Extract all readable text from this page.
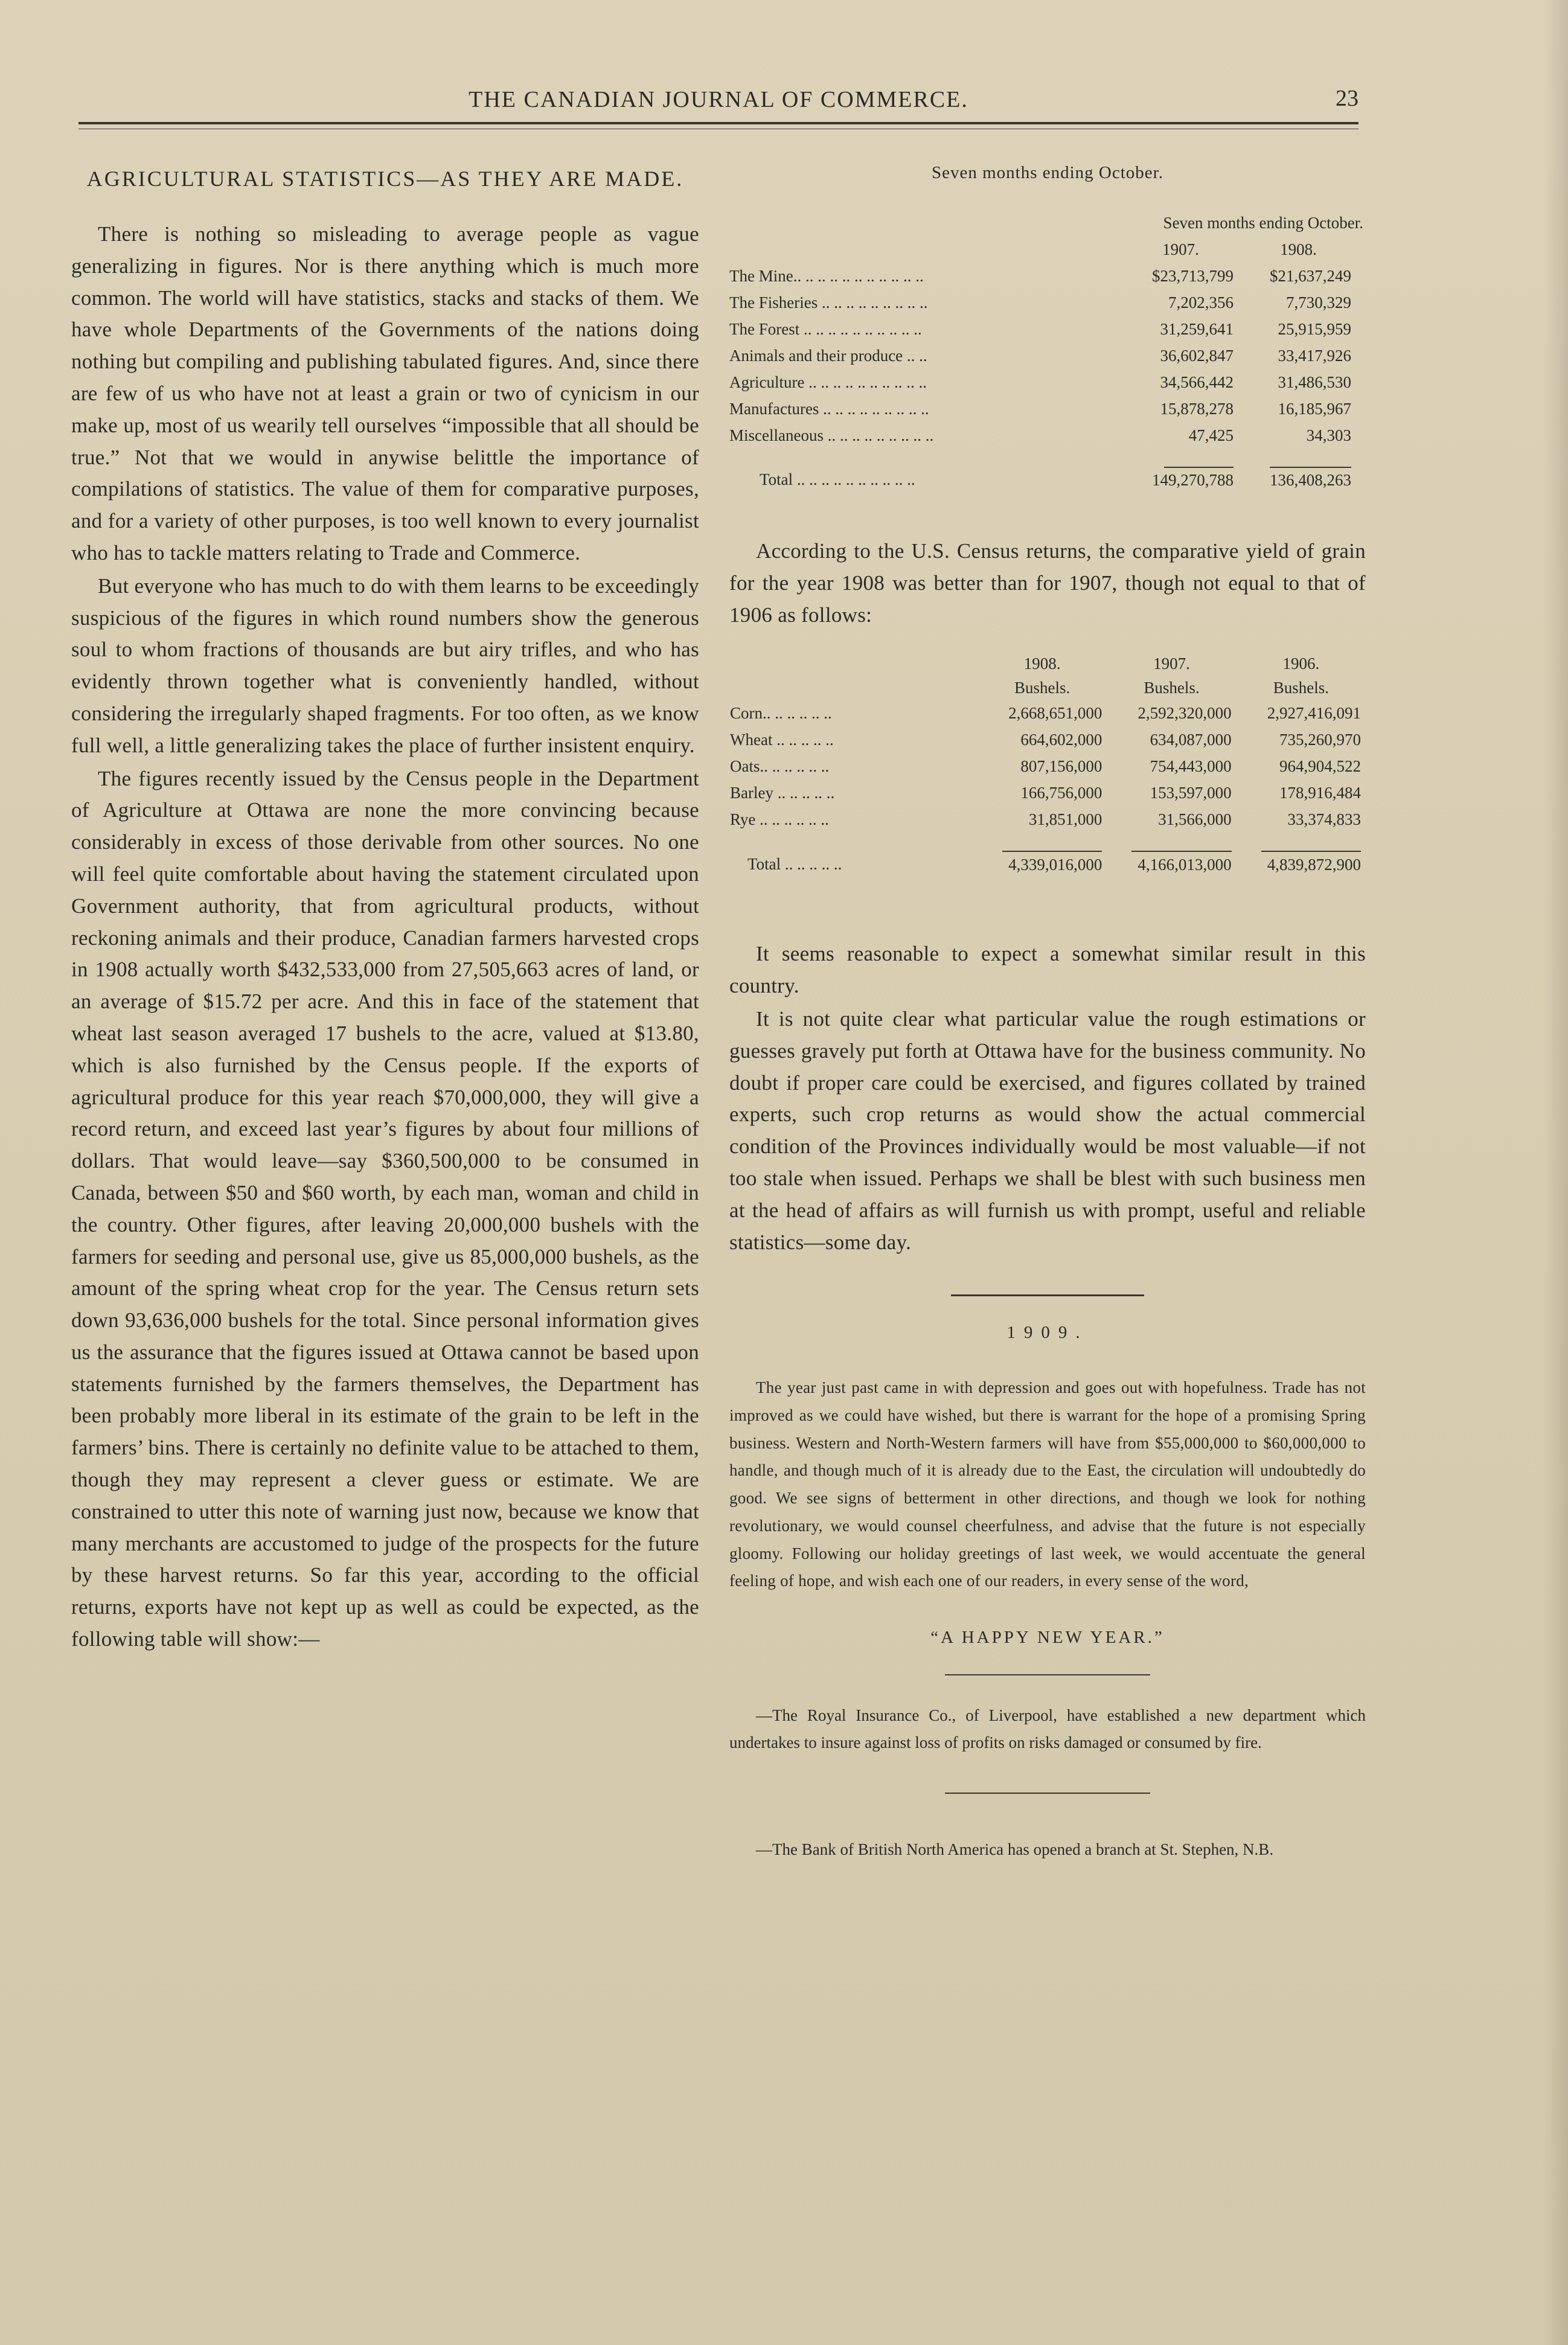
THE CANADIAN JOURNAL OF COMMERCE.	23
AGRICULTURAL STATISTICS—AS THEY ARE MADE.

There is nothing so misleading to average people as vague generalizing in figures. Nor is there anything which is much more common. The world will have statistics, stacks and stacks of them. We have whole Departments of the Governments of the nations doing nothing but compiling and publishing tabulated figures. And, since there are few of us who have not at least a grain or two of cynicism in our make up, most of us wearily tell ourselves “impossible that all should be true.” Not that we would in anywise belittle the importance of compilations of statistics. The value of them for comparative purposes, and for a variety of other purposes, is too well known to every journalist who has to tackle matters relating to Trade and Commerce.

But everyone who has much to do with them learns to be exceedingly suspicious of the figures in which round numbers show the generous soul to whom fractions of thousands are but airy trifles, and who has evidently thrown together what is conveniently handled, without considering the irregularly shaped fragments. For too often, as we know full well, a little generalizing takes the place of further insistent enquiry.

The figures recently issued by the Census people in the Department of Agriculture at Ottawa are none the more convincing because considerably in excess of those derivable from other sources. No one will feel quite comfortable about having the statement circulated upon Government authority, that from agricultural products, without reckoning animals and their produce, Canadian farmers harvested crops in 1908 actually worth $432,533,000 from 27,505,663 acres of land, or an average of $15.72 per acre. And this in face of the statement that wheat last season averaged 17 bushels to the acre, valued at $13.80, which is also furnished by the Census people. If the exports of agricultural produce for this year reach $70,000,000, they will give a record return, and exceed last year’s figures by about four millions of dollars. That would leave—say $360,500,000 to be consumed in Canada, between $50 and $60 worth, by each man, woman and child in the country. Other figures, after leaving 20,000,000 bushels with the farmers for seeding and personal use, give us 85,000,000 bushels, as the amount of the spring wheat crop for the year. The Census return sets down 93,636,000 bushels for the total. Since personal information gives us the assurance that the figures issued at Ottawa cannot be based upon statements furnished by the farmers themselves, the Department has been probably more liberal in its estimate of the grain to be left in the farmers’ bins. There is certainly no definite value to be attached to them, though they may represent a clever guess or estimate. We are constrained to utter this note of warning just now, because we know that many merchants are accustomed to judge of the prospects for the future by these harvest returns. So far this year, according to the official returns, exports have not kept up as well as could be expected, as the following table will show:—

Seven months ending October.
	Seven months ending October.	
	1907.	1908.
The Mine.. .. .. .. .. .. .. .. .. .. ..	$23,713,799	$21,637,249
The Fisheries .. .. .. .. .. .. .. .. ..	7,202,356	7,730,329
The Forest .. .. .. .. .. .. .. .. .. ..	31,259,641	25,915,959
Animals and their produce .. ..	36,602,847	33,417,926
Agriculture .. .. .. .. .. .. .. .. .. ..	34,566,442	31,486,530
Manufactures .. .. .. .. .. .. .. .. ..	15,878,278	16,185,967
Miscellaneous .. .. .. .. .. .. .. .. ..	47,425	34,303
Total .. .. .. .. .. .. .. .. .. ..	149,270,788	136,408,263

According to the U.S. Census returns, the comparative yield of grain for the year 1908 was better than for 1907, though not equal to that of 1906 as follows:

	1908.	1907.	1906.
	Bushels.	Bushels.	Bushels.
Corn.. .. .. .. .. ..	2,668,651,000	2,592,320,000	2,927,416,091
Wheat .. .. .. .. ..	664,602,000	634,087,000	735,260,970
Oats.. .. .. .. .. ..	807,156,000	754,443,000	964,904,522
Barley .. .. .. .. ..	166,756,000	153,597,000	178,916,484
Rye .. .. .. .. .. ..	31,851,000	31,566,000	33,374,833
Total .. .. .. .. ..	4,339,016,000	4,166,013,000	4,839,872,900

It seems reasonable to expect a somewhat similar result in this country.

It is not quite clear what particular value the rough estimations or guesses gravely put forth at Ottawa have for the business community. No doubt if proper care could be exercised, and figures collated by trained experts, such crop returns as would show the actual commercial condition of the Provinces individually would be most valuable—if not too stale when issued. Perhaps we shall be blest with such business men at the head of affairs as will furnish us with prompt, useful and reliable statistics—some day.

1909.

The year just past came in with depression and goes out with hopefulness. Trade has not improved as we could have wished, but there is warrant for the hope of a promising Spring business. Western and North-Western farmers will have from $55,000,000 to $60,000,000 to handle, and though much of it is already due to the East, the circulation will undoubtedly do good. We see signs of betterment in other directions, and though we look for nothing revolutionary, we would counsel cheerfulness, and advise that the future is not especially gloomy. Following our holiday greetings of last week, we would accentuate the general feeling of hope, and wish each one of our readers, in every sense of the word,

“A HAPPY NEW YEAR.”

—The Royal Insurance Co., of Liverpool, have established a new department which undertakes to insure against loss of profits on risks damaged or consumed by fire.

—The Bank of British North America has opened a branch at St. Stephen, N.B.
